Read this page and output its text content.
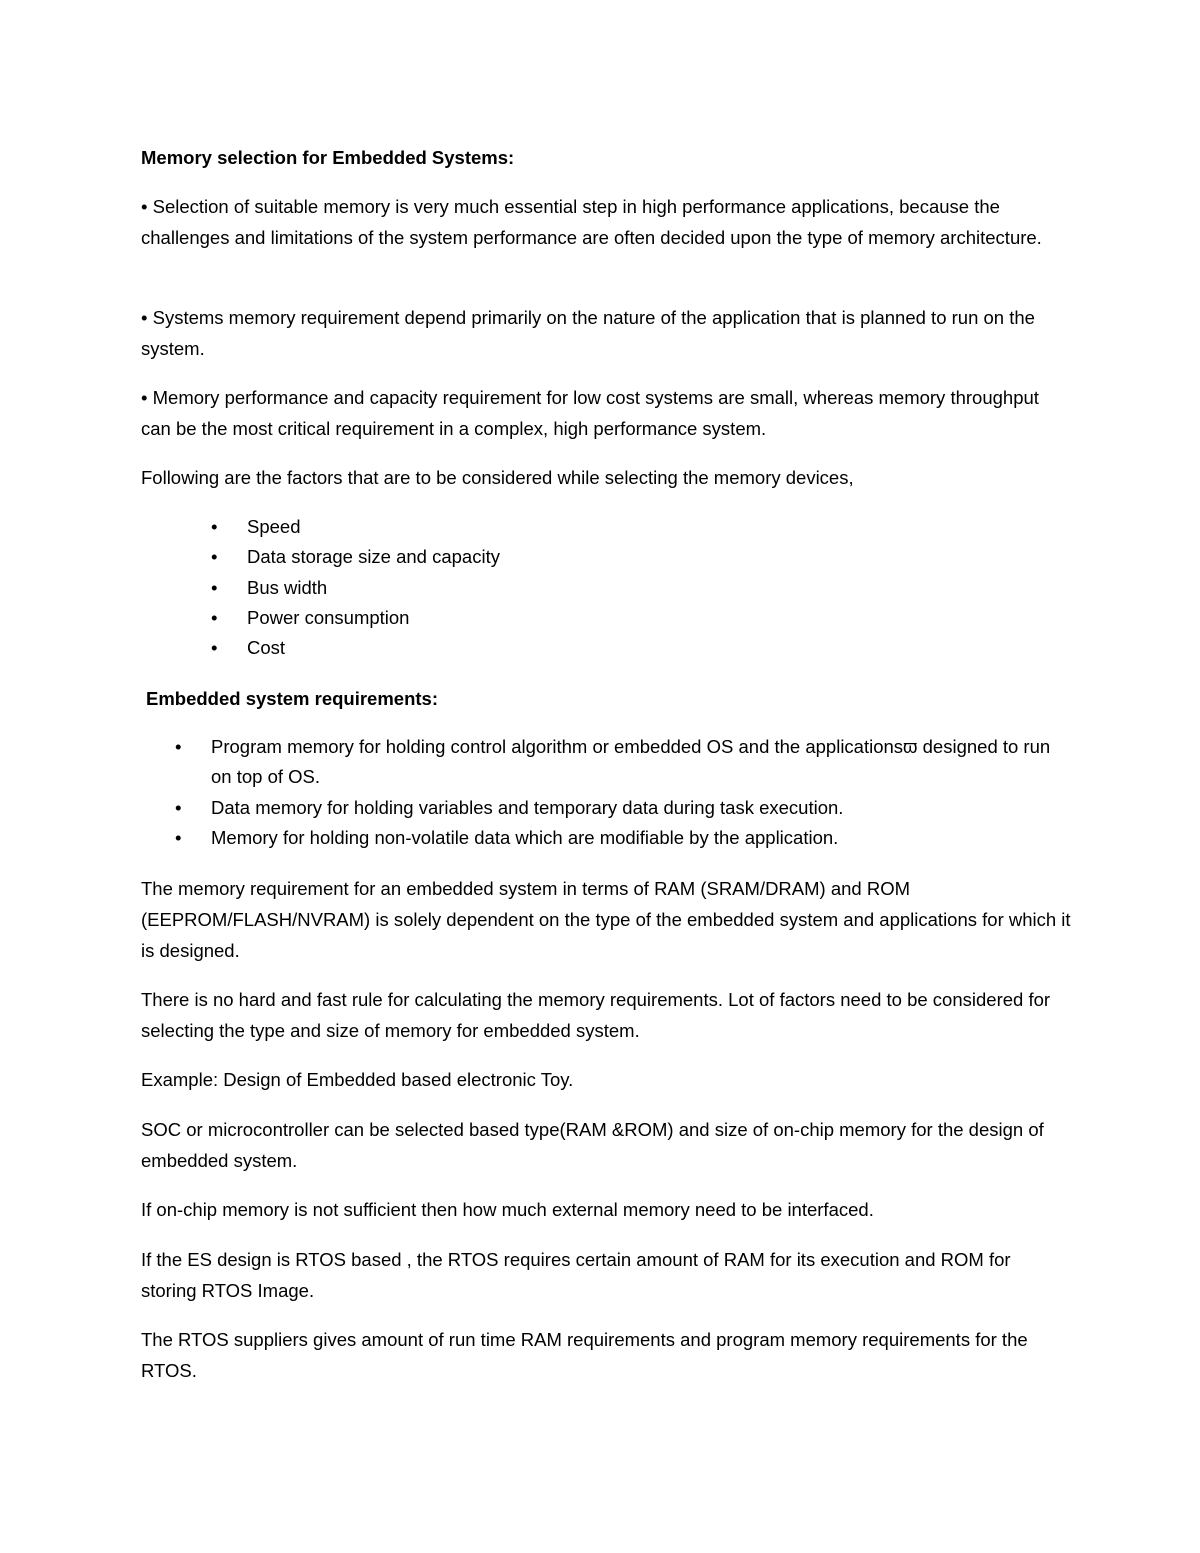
Memory selection for Embedded Systems:

• Selection of suitable memory is very much essential step in high performance applications, because the challenges and limitations of the system performance are often decided upon the type of memory architecture.

• Systems memory requirement depend primarily on the nature of the application that is planned to run on the system.

• Memory performance and capacity requirement for low cost systems are small, whereas memory throughput can be the most critical requirement in a complex, high performance system.

Following are the factors that are to be considered while selecting the memory devices,

• Speed
• Data storage size and capacity
• Bus width
• Power consumption
• Cost

Embedded system requirements:

• Program memory for holding control algorithm or embedded OS and the applicationsϖ designed to run on top of OS.
• Data memory for holding variables and temporary data during task execution.
• Memory for holding non-volatile data which are modifiable by the application.

The memory requirement for an embedded system in terms of RAM (SRAM/DRAM) and ROM (EEPROM/FLASH/NVRAM) is solely dependent on the type of the embedded system and applications for which it is designed.

There is no hard and fast rule for calculating the memory requirements. Lot of factors need to be considered for selecting the type and size of memory for embedded system.

Example: Design of Embedded based electronic Toy.

SOC or microcontroller can be selected based type(RAM &ROM) and size of on-chip memory for the design of embedded system.

If on-chip memory is not sufficient then how much external memory need to be interfaced.

If the ES design is RTOS based , the RTOS requires certain amount of RAM for its execution and ROM for storing RTOS Image.

The RTOS suppliers gives amount of run time RAM requirements and program memory requirements for the RTOS.
